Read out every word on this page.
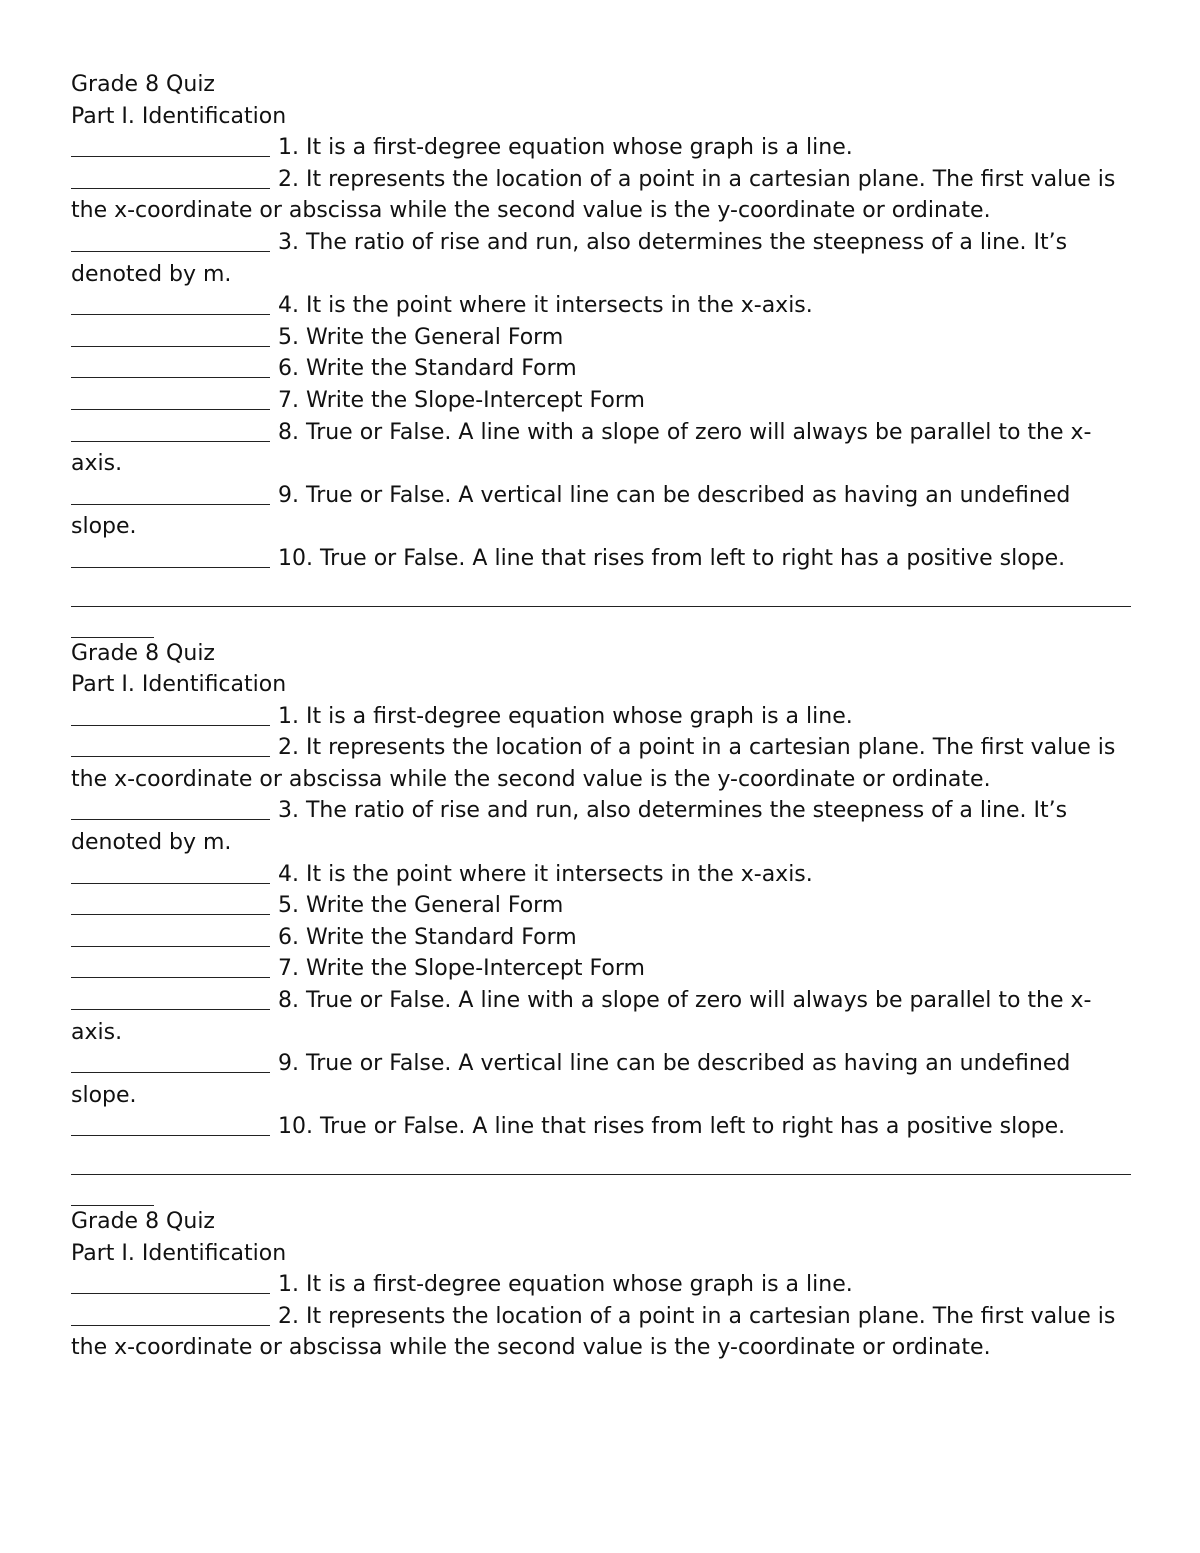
Grade 8 Quiz

Part I. Identification

1. It is a first-degree equation whose graph is a line.

2. It represents the location of a point in a cartesian plane. The first value is the x-coordinate or abscissa while the second value is the y-coordinate or ordinate.

3. The ratio of rise and run, also determines the steepness of a line. It’s denoted by m.

4. It is the point where it intersects in the x-axis.

5. Write the General Form

6. Write the Standard Form

7. Write the Slope-Intercept Form

8. True or False. A line with a slope of zero will always be parallel to the x-axis.

9. True or False. A vertical line can be described as having an undefined slope.

10. True or False. A line that rises from left to right has a positive slope.

Grade 8 Quiz

Part I. Identification

1. It is a first-degree equation whose graph is a line.

2. It represents the location of a point in a cartesian plane. The first value is the x-coordinate or abscissa while the second value is the y-coordinate or ordinate.

3. The ratio of rise and run, also determines the steepness of a line. It’s denoted by m.

4. It is the point where it intersects in the x-axis.

5. Write the General Form

6. Write the Standard Form

7. Write the Slope-Intercept Form

8. True or False. A line with a slope of zero will always be parallel to the x-axis.

9. True or False. A vertical line can be described as having an undefined slope.

10. True or False. A line that rises from left to right has a positive slope.

Grade 8 Quiz

Part I. Identification

1. It is a first-degree equation whose graph is a line.

2. It represents the location of a point in a cartesian plane. The first value is the x-coordinate or abscissa while the second value is the y-coordinate or ordinate.
